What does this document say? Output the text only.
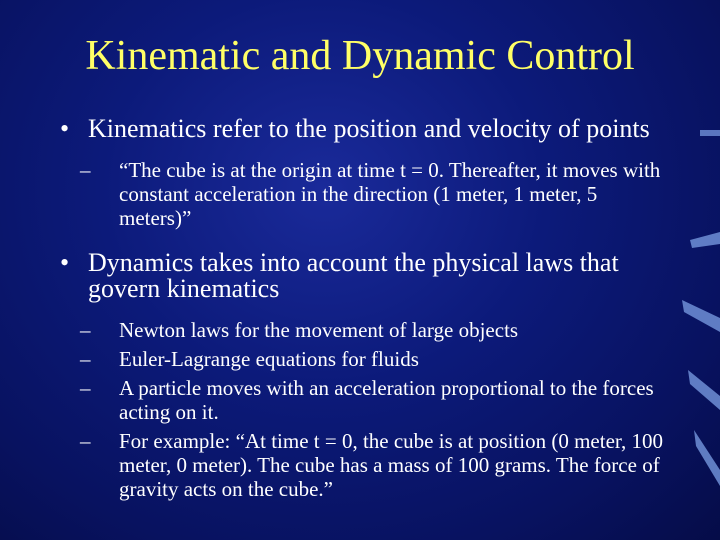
Kinematic and Dynamic Control
• Kinematics refer to the position and velocity of points
– “The cube is at the origin at time t = 0. Thereafter, it moves with constant acceleration in the direction (1 meter, 1 meter, 5 meters)”
• Dynamics takes into account the physical laws that govern kinematics
– Newton laws for the movement of large objects
– Euler-Lagrange equations for fluids
– A particle moves with an acceleration proportional to the forces acting on it.
– For example: “At time t = 0, the cube is at position (0 meter, 100 meter, 0 meter). The cube has a mass of 100 grams. The force of gravity acts on the cube.”
